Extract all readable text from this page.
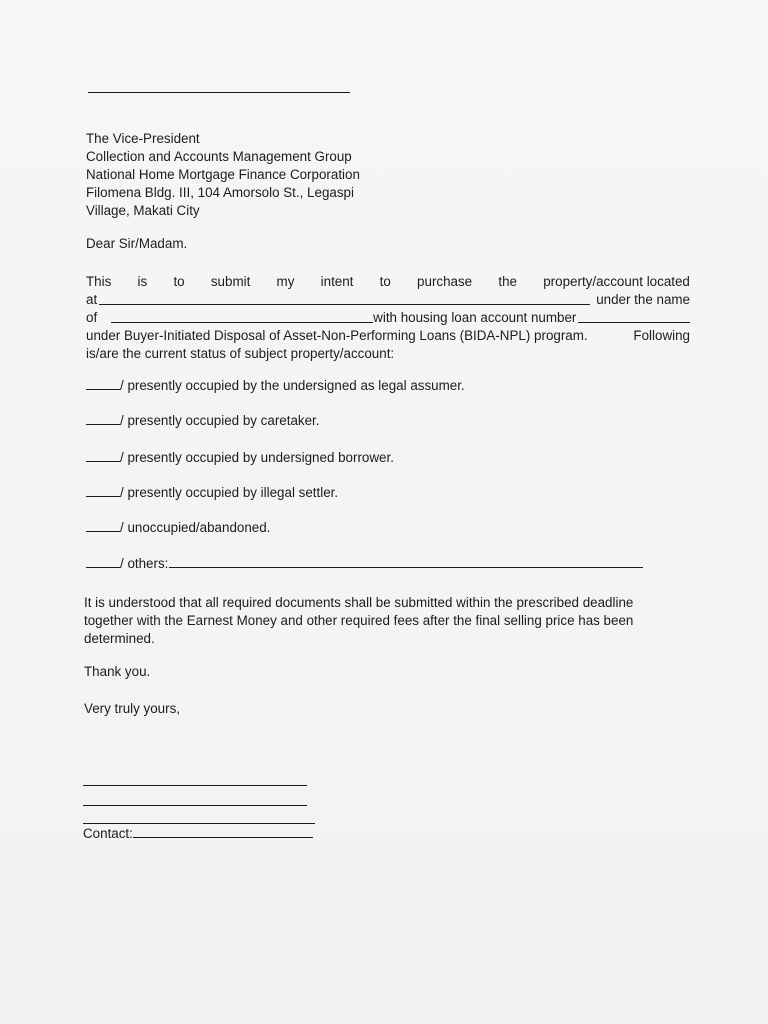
The Vice-President
Collection and Accounts Management Group
National Home Mortgage Finance Corporation
Filomena Bldg. III, 104 Amorsolo St., Legaspi
Village, Makati City
Dear Sir/Madam.
This is to submit my intent to purchase the property/account located
at	under the name
of	with housing loan account number
under Buyer-Initiated Disposal of Asset-Non-Performing Loans (BIDA-NPL) program.	Following
is/are the current status of subject property/account:
/ presently occupied by the undersigned as legal assumer.
/ presently occupied by caretaker.
/ presently occupied by undersigned borrower.
/ presently occupied by illegal settler.
/ unoccupied/abandoned.
/ others:
It is understood that all required documents shall be submitted within the prescribed deadline
together with the Earnest Money and other required fees after the final selling price has been
determined.
Thank you.
Very truly yours,
Contact:
